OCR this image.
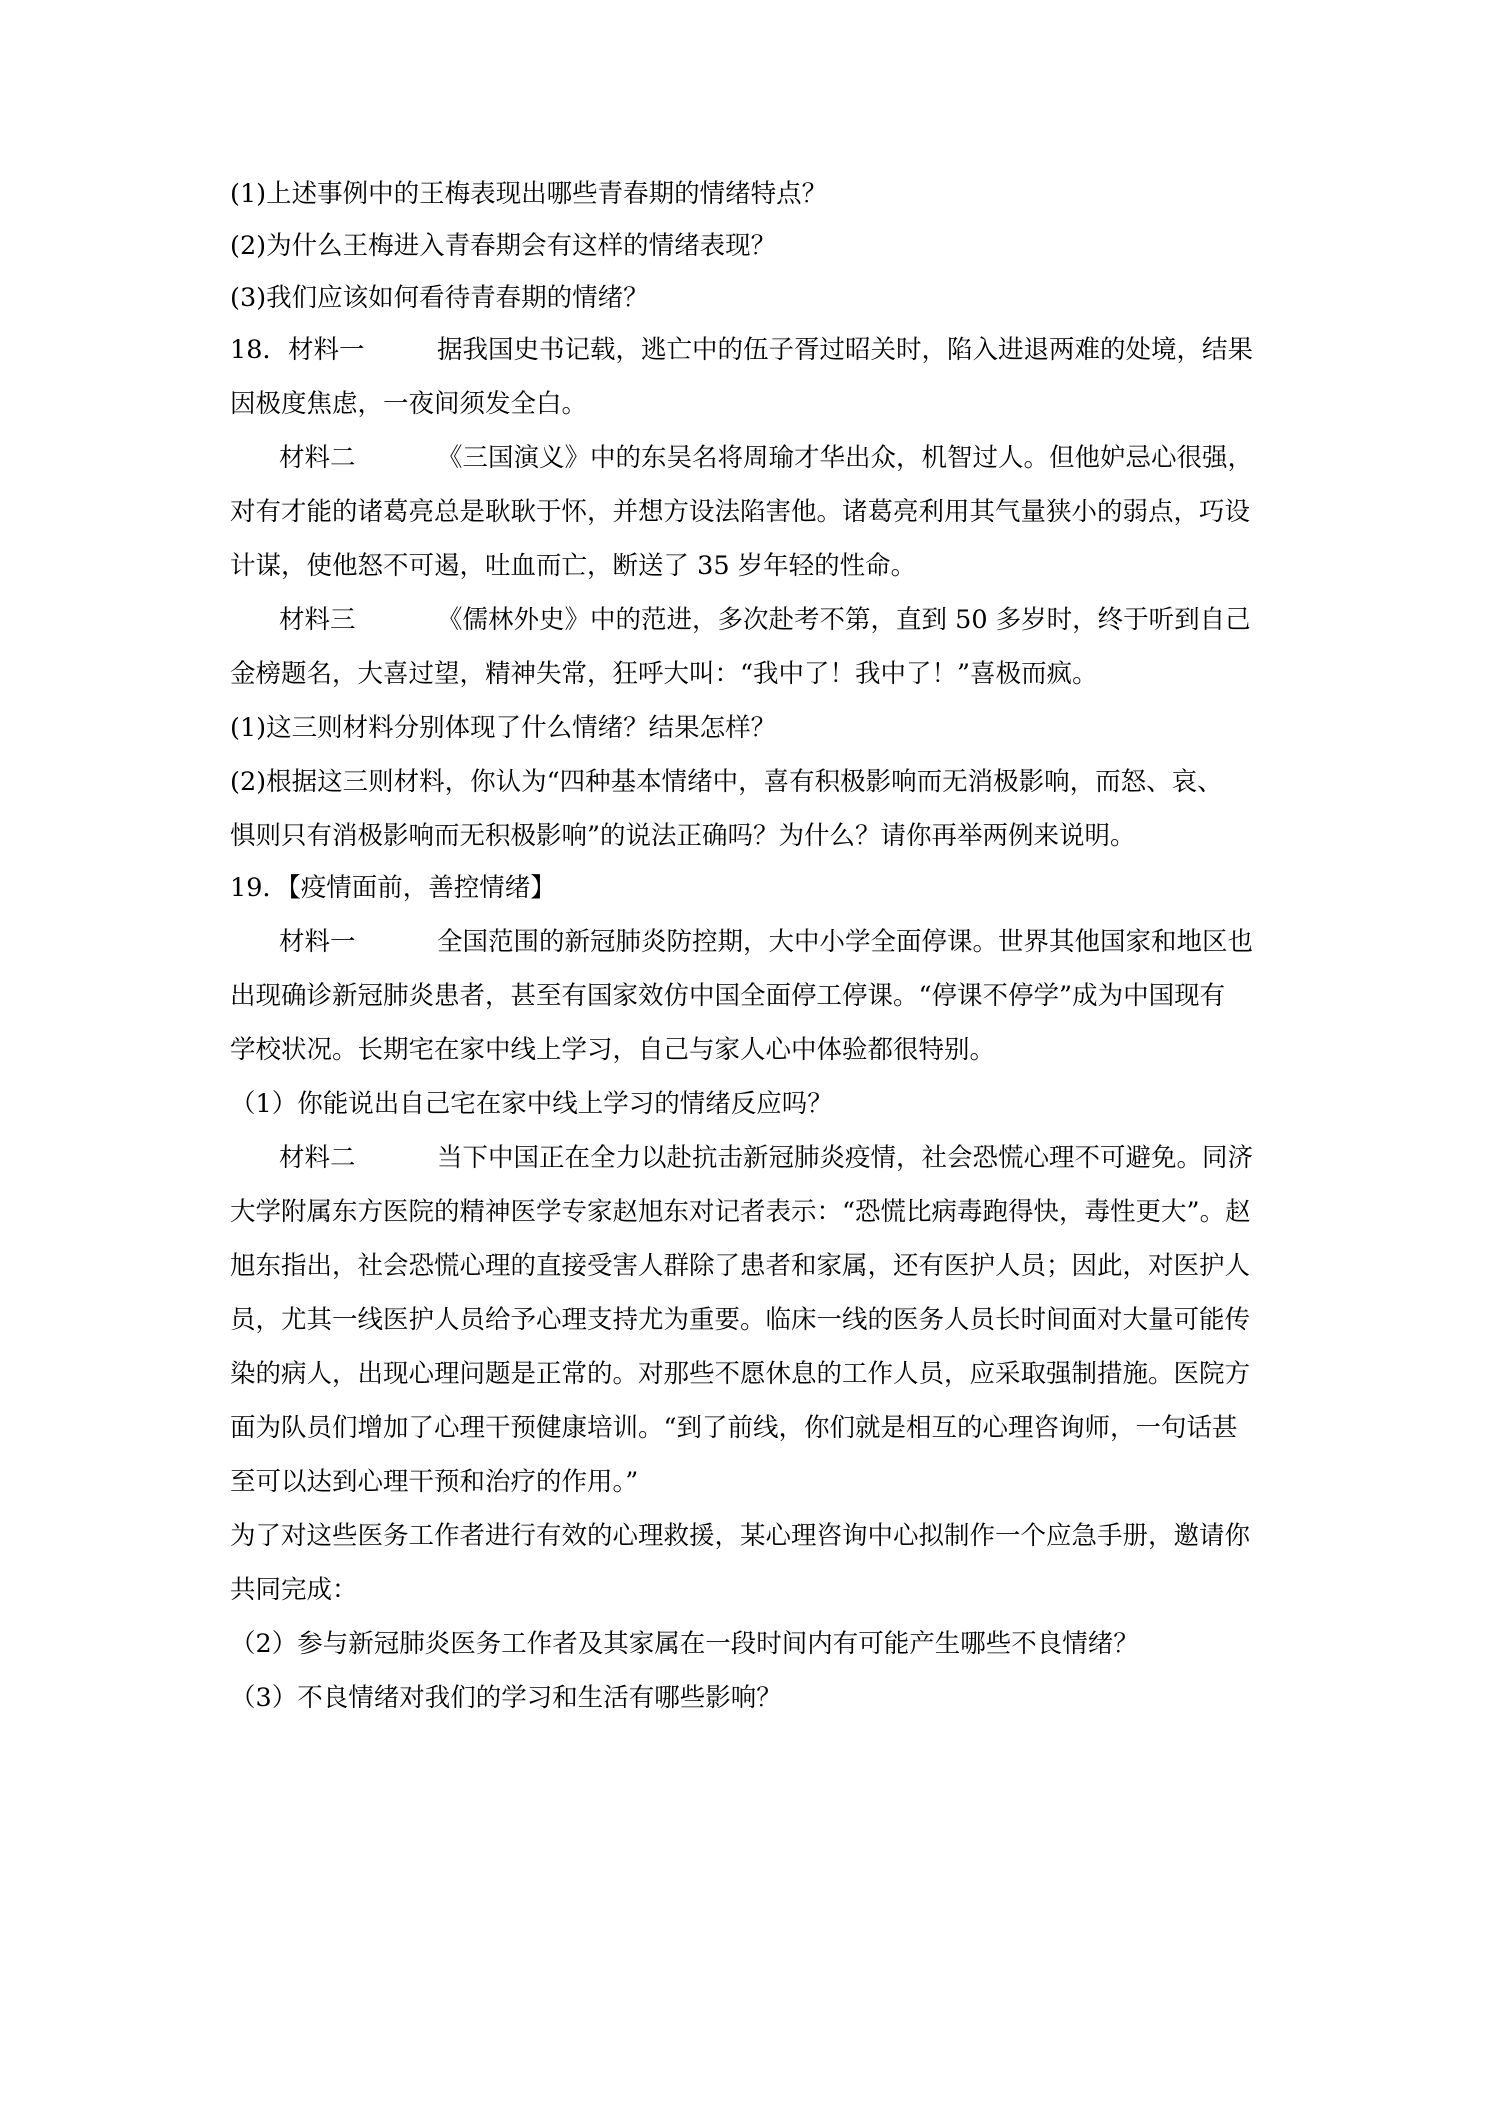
(1)上述事例中的王梅表现出哪些青春期的情绪特点？
(2)为什么王梅进入青春期会有这样的情绪表现？
(3)我们应该如何看待青春期的情绪？
18．材料一	据我国史书记载，逃亡中的伍子胥过昭关时，陷入进退两难的处境，结果
因极度焦虑，一夜间须发全白。
材料二	《三国演义》中的东吴名将周瑜才华出众，机智过人。但他妒忌心很强，
对有才能的诸葛亮总是耿耿于怀，并想方设法陷害他。诸葛亮利用其气量狭小的弱点，巧设
计谋，使他怒不可遏，吐血而亡，断送了 35 岁年轻的性命。
材料三	《儒林外史》中的范进，多次赴考不第，直到 50 多岁时，终于听到自己
金榜题名，大喜过望，精神失常，狂呼大叫：“我中了！我中了！”喜极而疯。
(1)这三则材料分别体现了什么情绪？结果怎样？
(2)根据这三则材料，你认为“四种基本情绪中，喜有积极影响而无消极影响，而怒、哀、
惧则只有消极影响而无积极影响”的说法正确吗？为什么？请你再举两例来说明。
19．【疫情面前，善控情绪】
材料一	全国范围的新冠肺炎防控期，大中小学全面停课。世界其他国家和地区也
出现确诊新冠肺炎患者，甚至有国家效仿中国全面停工停课。“停课不停学”成为中国现有
学校状况。长期宅在家中线上学习，自己与家人心中体验都很特别。
（1）你能说出自己宅在家中线上学习的情绪反应吗？
材料二	当下中国正在全力以赴抗击新冠肺炎疫情，社会恐慌心理不可避免。同济
大学附属东方医院的精神医学专家赵旭东对记者表示：“恐慌比病毒跑得快，毒性更大”。赵
旭东指出，社会恐慌心理的直接受害人群除了患者和家属，还有医护人员；因此，对医护人
员，尤其一线医护人员给予心理支持尤为重要。临床一线的医务人员长时间面对大量可能传
染的病人，出现心理问题是正常的。对那些不愿休息的工作人员，应采取强制措施。医院方
面为队员们增加了心理干预健康培训。“到了前线，你们就是相互的心理咨询师，一句话甚
至可以达到心理干预和治疗的作用。”
为了对这些医务工作者进行有效的心理救援，某心理咨询中心拟制作一个应急手册，邀请你
共同完成：
（2）参与新冠肺炎医务工作者及其家属在一段时间内有可能产生哪些不良情绪？
（3）不良情绪对我们的学习和生活有哪些影响？
